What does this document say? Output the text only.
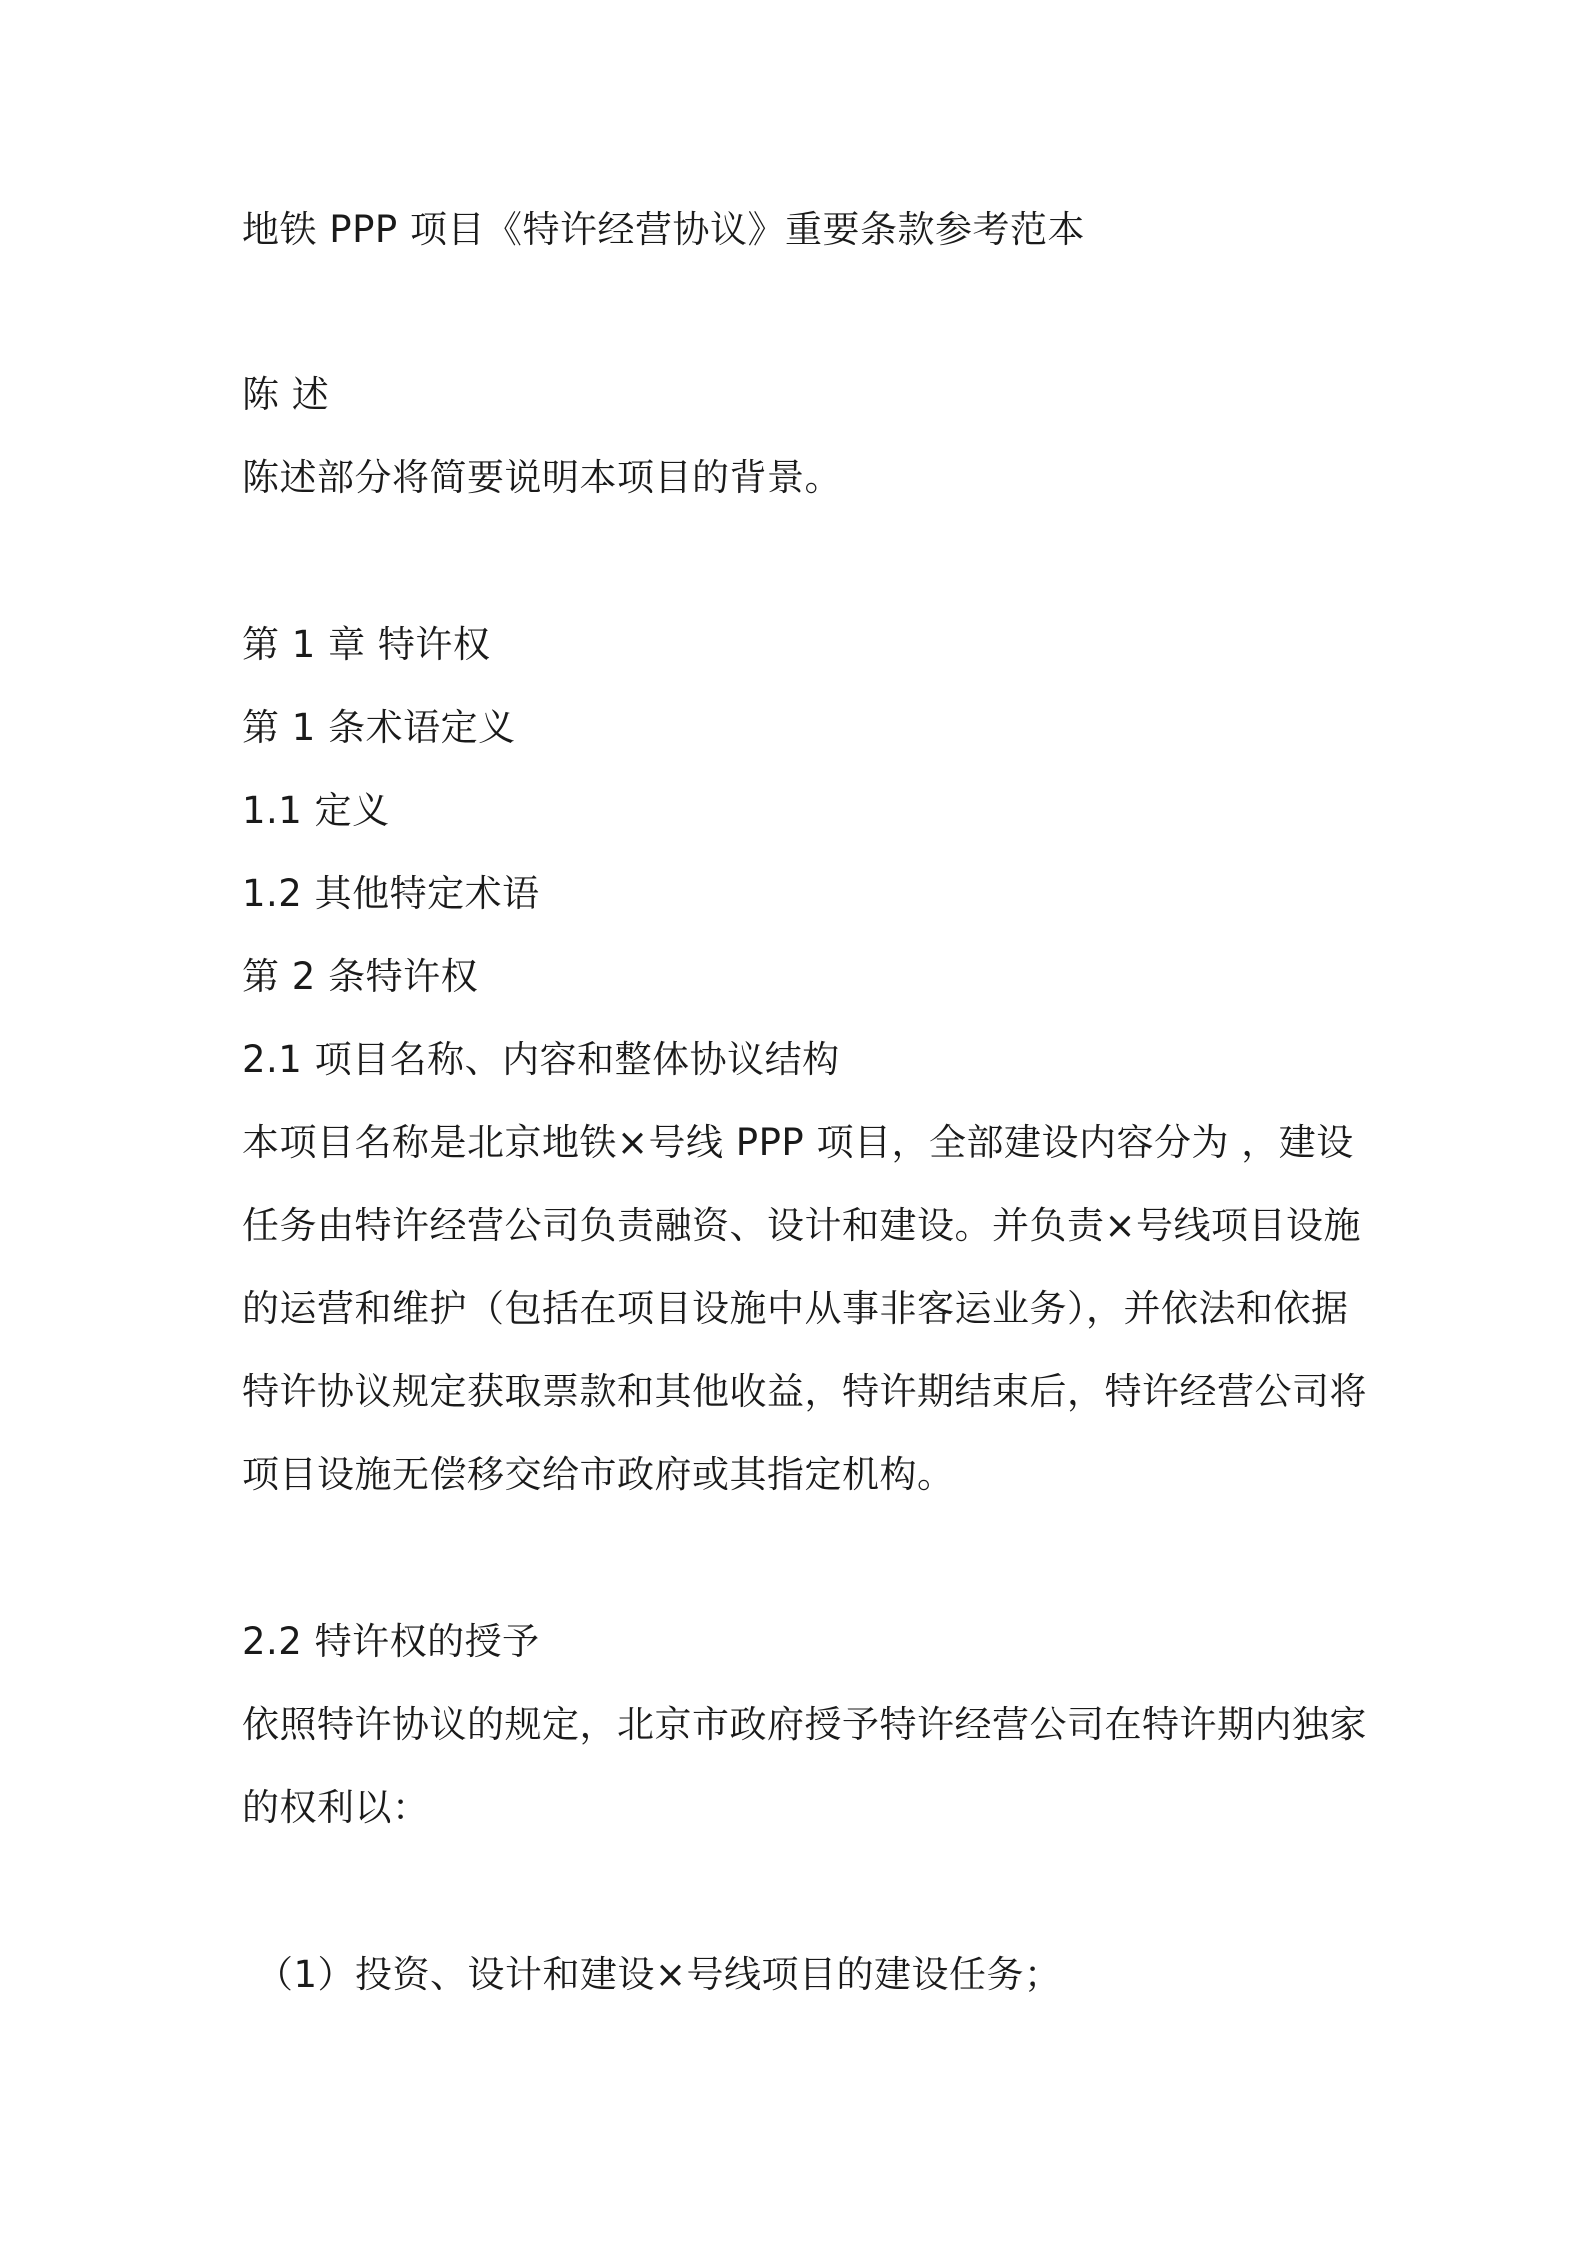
地铁 PPP 项目《特许经营协议》重要条款参考范本

陈 述

陈述部分将简要说明本项目的背景。

第 1 章 特许权

第 1 条术语定义

1.1 定义

1.2 其他特定术语

第 2 条特许权

2.1 项目名称、内容和整体协议结构

本项目名称是北京地铁×号线 PPP 项目，全部建设内容分为 ，建设

任务由特许经营公司负责融资、设计和建设。并负责×号线项目设施

的运营和维护（包括在项目设施中从事非客运业务），并依法和依据

特许协议规定获取票款和其他收益，特许期结束后，特许经营公司将

项目设施无偿移交给市政府或其指定机构。

2.2 特许权的授予

依照特许协议的规定，北京市政府授予特许经营公司在特许期内独家

的权利以：

（1）投资、设计和建设×号线项目的建设任务；
